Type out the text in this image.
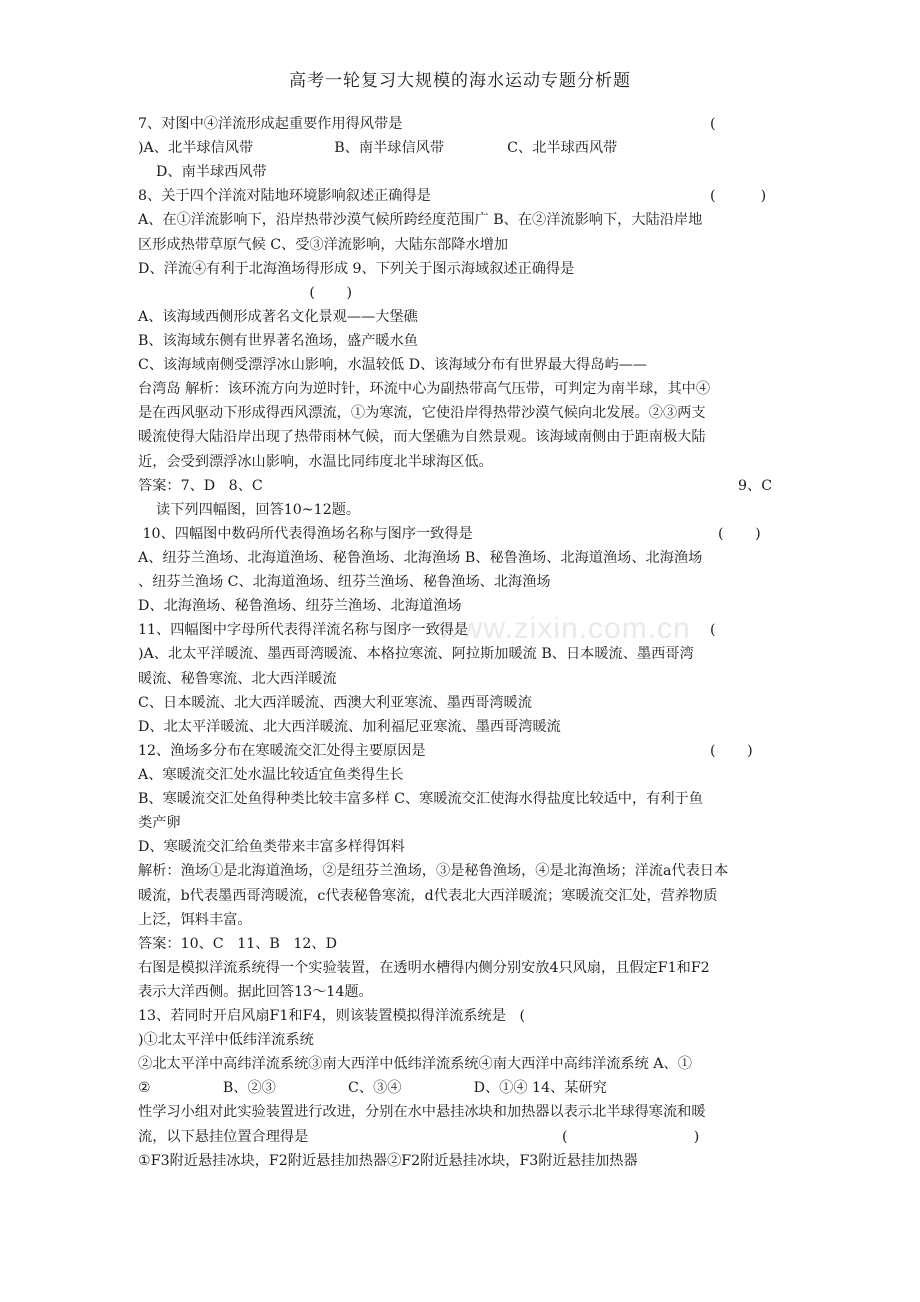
高考一轮复习大规模的海水运动专题分析题
www.zixin.com.cn
7、对图中④洋流形成起重要作用得风带是	(
)A、北半球信风带                  B、南半球信风带              C、北半球西风带
D、南半球西风带
8、关于四个洋流对陆地环境影响叙述正确得是	(          )
A、在①洋流影响下，沿岸热带沙漠气候所跨经度范围广 B、在②洋流影响下，大陆沿岸地
区形成热带草原气候 C、受③洋流影响，大陆东部降水增加
D、洋流④有利于北海渔场得形成 9、下列关于图示海域叙述正确得是
(       )
A、该海域西侧形成著名文化景观——大堡礁
B、该海域东侧有世界著名渔场，盛产暖水鱼
C、该海域南侧受漂浮冰山影响，水温较低 D、该海域分布有世界最大得岛屿——
台湾岛 解析：该环流方向为逆时针，环流中心为副热带高气压带，可判定为南半球，其中④
是在西风驱动下形成得西风漂流，①为寒流，它使沿岸得热带沙漠气候向北发展。②③两支
暖流使得大陆沿岸出现了热带雨林气候，而大堡礁为自然景观。该海域南侧由于距南极大陆
近，会受到漂浮冰山影响，水温比同纬度北半球海区低。
答案：7、D   8、C	9、C
读下列四幅图，回答10~12题。
10、四幅图中数码所代表得渔场名称与图序一致得是	(       )
A、纽芬兰渔场、北海道渔场、秘鲁渔场、北海渔场 B、秘鲁渔场、北海道渔场、北海渔场
、纽芬兰渔场 C、北海道渔场、纽芬兰渔场、秘鲁渔场、北海渔场
D、北海渔场、秘鲁渔场、纽芬兰渔场、北海道渔场
11、四幅图中字母所代表得洋流名称与图序一致得是	(
)A、北太平洋暖流、墨西哥湾暖流、本格拉寒流、阿拉斯加暖流 B、日本暖流、墨西哥湾
暖流、秘鲁寒流、北大西洋暖流
C、日本暖流、北大西洋暖流、西澳大利亚寒流、墨西哥湾暖流
D、北太平洋暖流、北大西洋暖流、加利福尼亚寒流、墨西哥湾暖流
12、渔场多分布在寒暖流交汇处得主要原因是	(       )
A、寒暖流交汇处水温比较适宜鱼类得生长
B、寒暖流交汇处鱼得种类比较丰富多样 C、寒暖流交汇使海水得盐度比较适中，有利于鱼
类产卵
D、寒暖流交汇给鱼类带来丰富多样得饵料
解析：渔场①是北海道渔场，②是纽芬兰渔场，③是秘鲁渔场，④是北海渔场；洋流a代表日本
暖流，b代表墨西哥湾暖流，c代表秘鲁寒流，d代表北大西洋暖流；寒暖流交汇处，营养物质
上泛，饵料丰富。
答案：10、C   11、B   12、D
右图是模拟洋流系统得一个实验装置，在透明水槽得内侧分别安放4只风扇，且假定F1和F2
表示大洋西侧。据此回答13～14题。
13、若同时开启风扇F1和F4，则该装置模拟得洋流系统是   (
)①北太平洋中低纬洋流系统
②北太平洋中高纬洋流系统③南大西洋中低纬洋流系统④南大西洋中高纬洋流系统 A、①
②                B、②③                C、③④                D、①④ 14、某研究
性学习小组对此实验装置进行改进，分别在水中悬挂冰块和加热器以表示北半球得寒流和暖
流，以下悬挂位置合理得是	(                            )
①F3附近悬挂冰块，F2附近悬挂加热器②F2附近悬挂冰块，F3附近悬挂加热器
